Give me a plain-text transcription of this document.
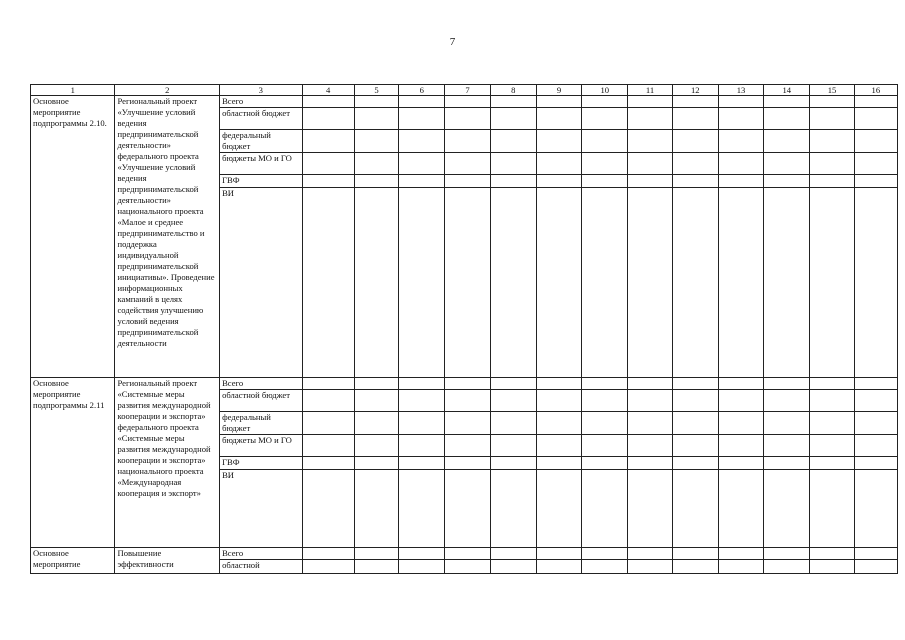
7
1	2	3	4	5	6	7	8	9	10	11	12	13	14	15	16
Основное мероприятие подпрограммы 2.10.	Региональный проект «Улучшение условий ведения предпринимательской деятельности» федерального проекта «Улучшение условий ведения предпринимательской деятельности» национального проекта «Малое и среднее предпринимательство и поддержка индивидуальной предпринимательской инициативы». Проведение информационных кампаний в целях содействия улучшению условий ведения предпринимательской деятельности	Всего													
		областной бюджет													
		федеральный бюджет													
		бюджеты МО и ГО													
		ГВФ													
		ВИ													
Основное мероприятие подпрограммы 2.11	Региональный проект «Системные меры развития международной кооперации и экспорта» федерального проекта «Системные меры развития международной кооперации и экспорта» национального проекта «Международная кооперация и экспорт»	Всего													
		областной бюджет													
		федеральный бюджет													
		бюджеты МО и ГО													
		ГВФ													
		ВИ													
Основное мероприятие	Повышение эффективности	Всего													
		областной													
